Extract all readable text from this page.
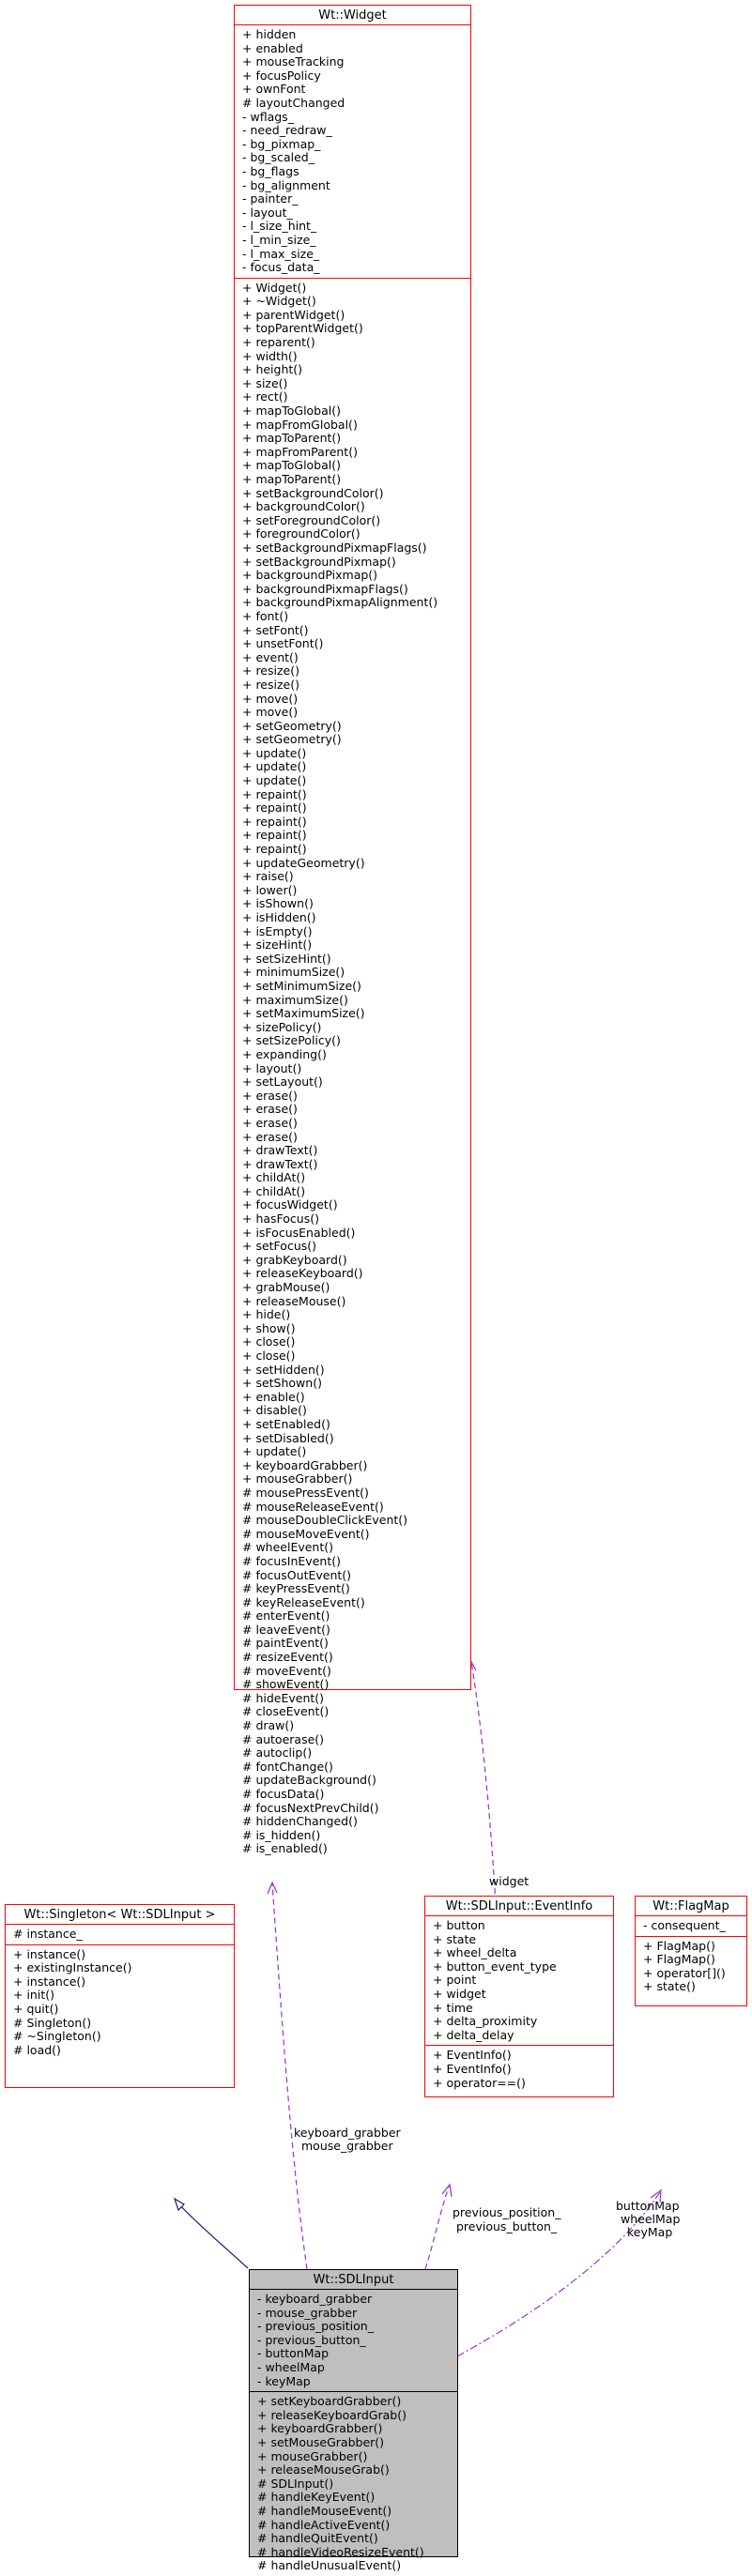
Wt::Widget
+ hidden
+ enabled
+ mouseTracking
+ focusPolicy
+ ownFont
# layoutChanged
- wflags_
- need_redraw_
- bg_pixmap_
- bg_scaled_
- bg_flags
- bg_alignment
- painter_
- layout_
- l_size_hint_
- l_min_size_
- l_max_size_
- focus_data_
+ Widget()
+ ~Widget()
+ parentWidget()
+ topParentWidget()
+ reparent()
+ width()
+ height()
+ size()
+ rect()
+ mapToGlobal()
+ mapFromGlobal()
+ mapToParent()
+ mapFromParent()
+ mapToGlobal()
+ mapToParent()
+ setBackgroundColor()
+ backgroundColor()
+ setForegroundColor()
+ foregroundColor()
+ setBackgroundPixmapFlags()
+ setBackgroundPixmap()
+ backgroundPixmap()
+ backgroundPixmapFlags()
+ backgroundPixmapAlignment()
+ font()
+ setFont()
+ unsetFont()
+ event()
+ resize()
+ resize()
+ move()
+ move()
+ setGeometry()
+ setGeometry()
+ update()
+ update()
+ update()
+ repaint()
+ repaint()
+ repaint()
+ repaint()
+ repaint()
+ updateGeometry()
+ raise()
+ lower()
+ isShown()
+ isHidden()
+ isEmpty()
+ sizeHint()
+ setSizeHint()
+ minimumSize()
+ setMinimumSize()
+ maximumSize()
+ setMaximumSize()
+ sizePolicy()
+ setSizePolicy()
+ expanding()
+ layout()
+ setLayout()
+ erase()
+ erase()
+ erase()
+ erase()
+ drawText()
+ drawText()
+ childAt()
+ childAt()
+ focusWidget()
+ hasFocus()
+ isFocusEnabled()
+ setFocus()
+ grabKeyboard()
+ releaseKeyboard()
+ grabMouse()
+ releaseMouse()
+ hide()
+ show()
+ close()
+ close()
+ setHidden()
+ setShown()
+ enable()
+ disable()
+ setEnabled()
+ setDisabled()
+ update()
+ keyboardGrabber()
+ mouseGrabber()
# mousePressEvent()
# mouseReleaseEvent()
# mouseDoubleClickEvent()
# mouseMoveEvent()
# wheelEvent()
# focusInEvent()
# focusOutEvent()
# keyPressEvent()
# keyReleaseEvent()
# enterEvent()
# leaveEvent()
# paintEvent()
# resizeEvent()
# moveEvent()
# showEvent()
# hideEvent()
# closeEvent()
# draw()
# autoerase()
# autoclip()
# fontChange()
# updateBackground()
# focusData()
# focusNextPrevChild()
# hiddenChanged()
# is_hidden()
# is_enabled()
Wt::Singleton< Wt::SDLInput >
# instance_
+ instance()
+ existingInstance()
+ instance()
+ init()
+ quit()
# Singleton()
# ~Singleton()
# load()
Wt::SDLInput::EventInfo
+ button
+ state
+ wheel_delta
+ button_event_type
+ point
+ widget
+ time
+ delta_proximity
+ delta_delay
+ EventInfo()
+ EventInfo()
+ operator==()
Wt::FlagMap
- consequent_
+ FlagMap()
+ FlagMap()
+ operator[]()
+ state()
Wt::SDLInput
- keyboard_grabber
- mouse_grabber
- previous_position_
- previous_button_
- buttonMap
- wheelMap
- keyMap
+ setKeyboardGrabber()
+ releaseKeyboardGrab()
+ keyboardGrabber()
+ setMouseGrabber()
+ mouseGrabber()
+ releaseMouseGrab()
# SDLInput()
# handleKeyEvent()
# handleMouseEvent()
# handleActiveEvent()
# handleQuitEvent()
# handleVideoResizeEvent()
# handleUnusualEvent()
widget
keyboard_grabber
mouse_grabber
previous_position_
previous_button_
buttonMap
wheelMap
keyMap
